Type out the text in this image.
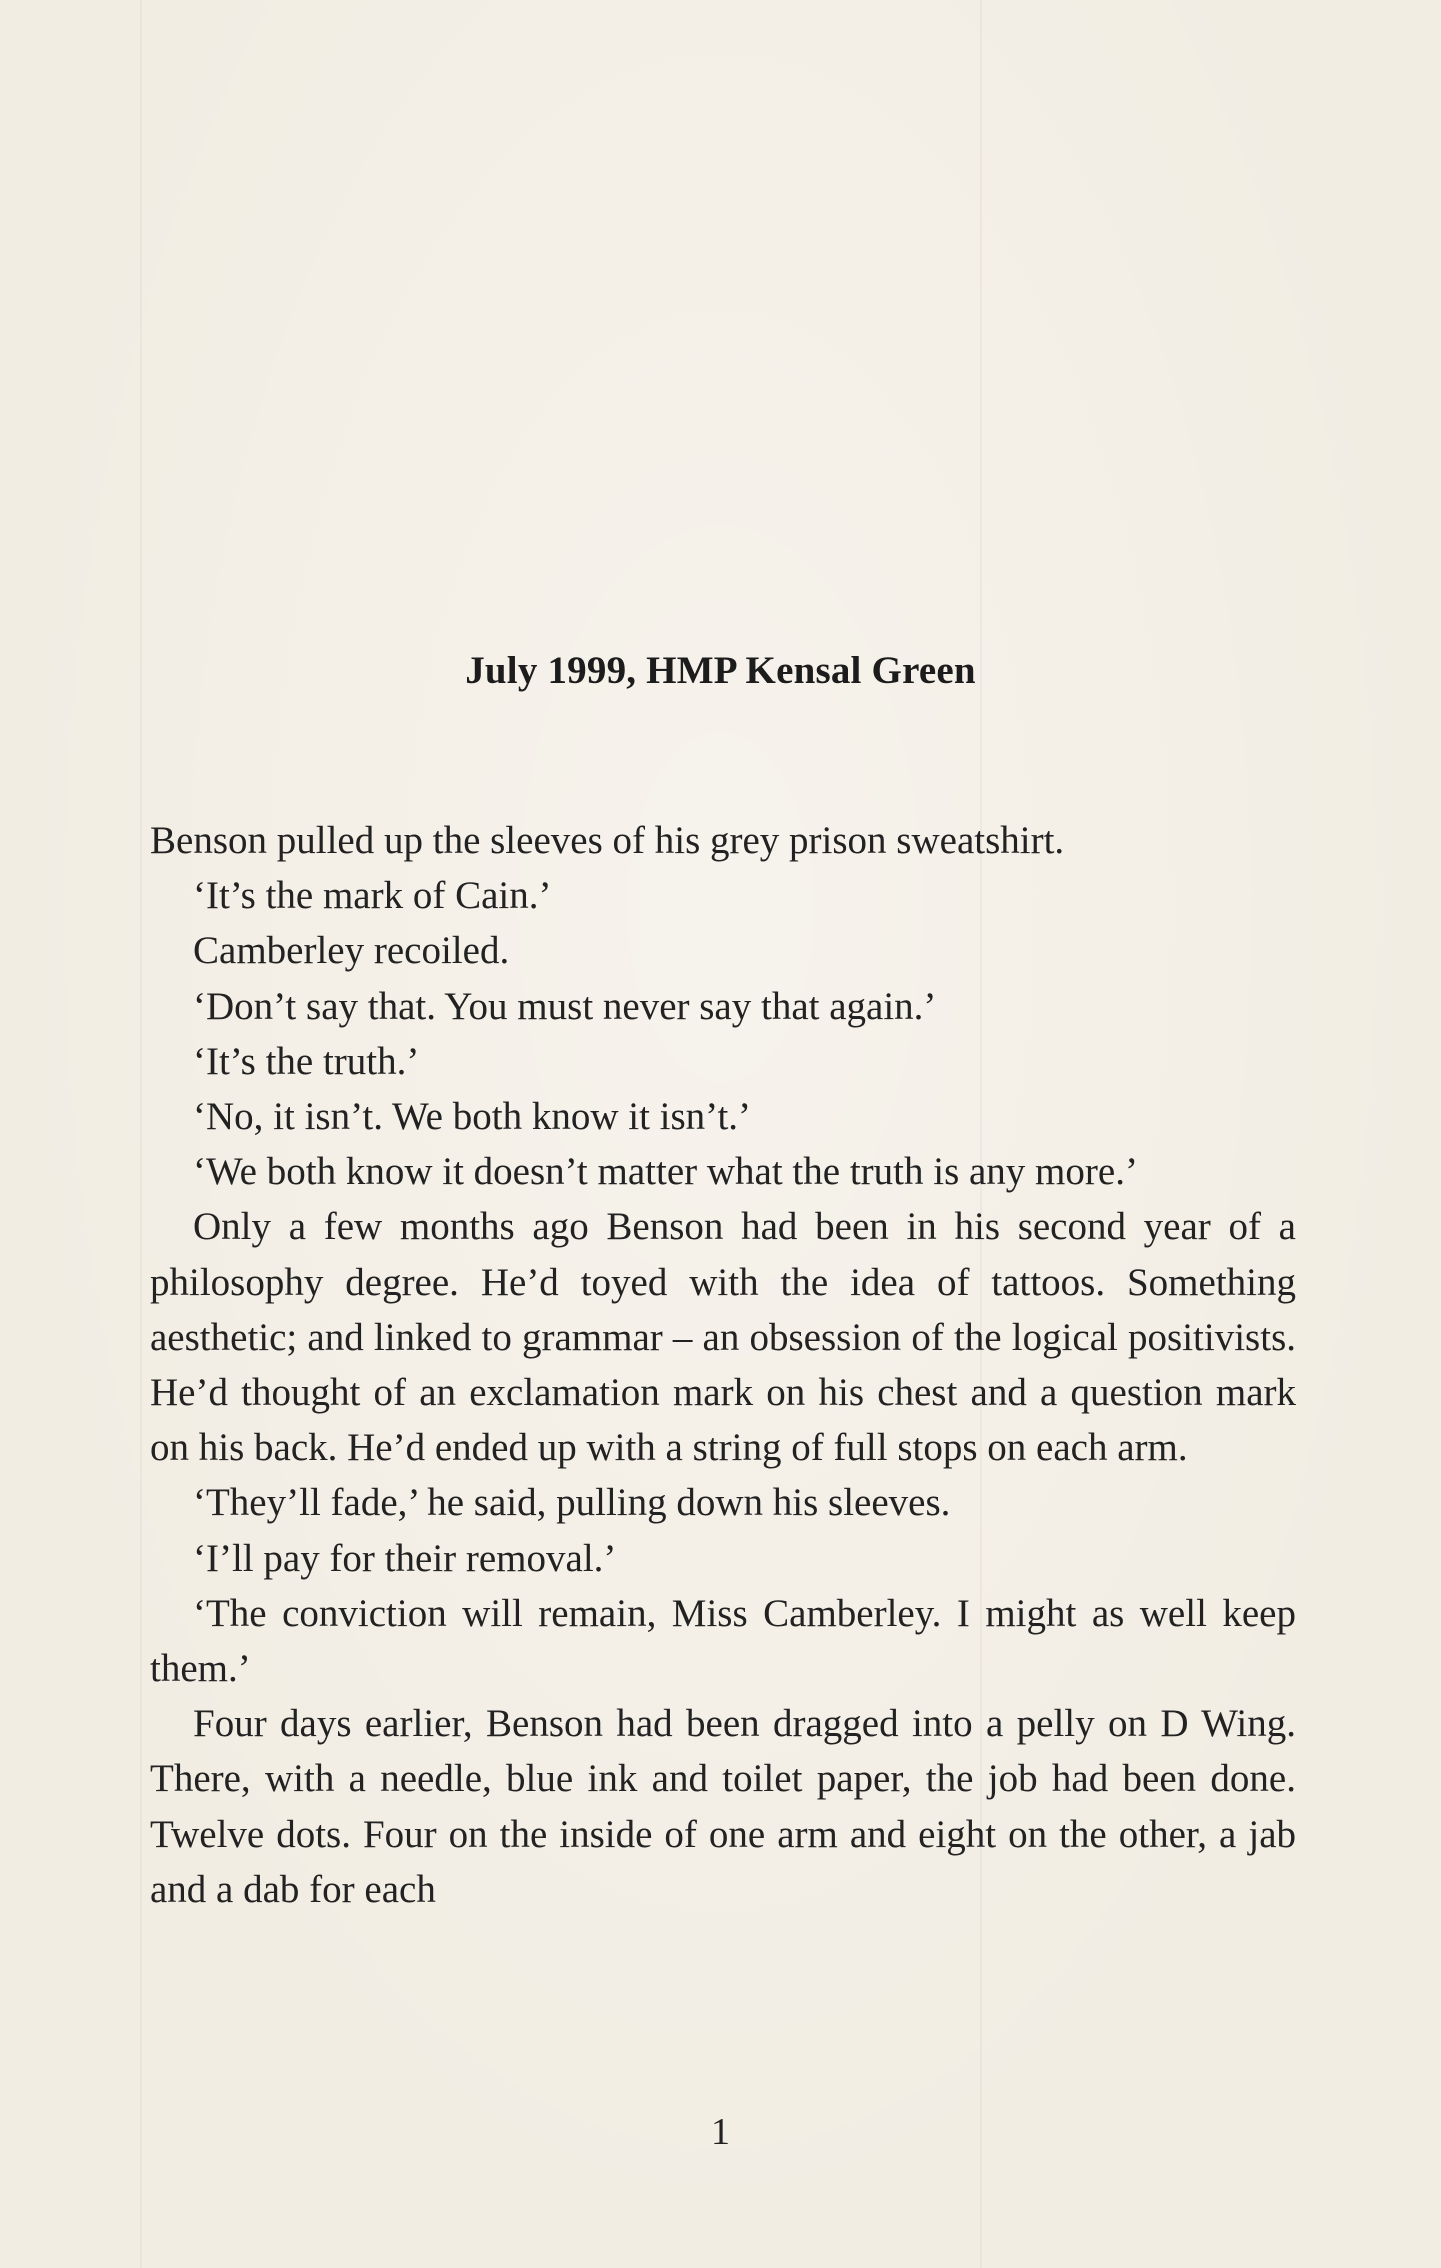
July 1999, HMP Kensal Green

Benson pulled up the sleeves of his grey prison sweatshirt.

‘It’s the mark of Cain.’

Camberley recoiled.

‘Don’t say that. You must never say that again.’

‘It’s the truth.’

‘No, it isn’t. We both know it isn’t.’

‘We both know it doesn’t matter what the truth is any more.’

Only a few months ago Benson had been in his second year of a philosophy degree. He’d toyed with the idea of tattoos. Something aesthetic; and linked to grammar – an obsession of the logical positivists. He’d thought of an exclamation mark on his chest and a question mark on his back. He’d ended up with a string of full stops on each arm.

‘They’ll fade,’ he said, pulling down his sleeves.

‘I’ll pay for their removal.’

‘The conviction will remain, Miss Camberley. I might as well keep them.’

Four days earlier, Benson had been dragged into a pelly on D Wing. There, with a needle, blue ink and toilet paper, the job had been done. Twelve dots. Four on the inside of one arm and eight on the other, a jab and a dab for each

1
